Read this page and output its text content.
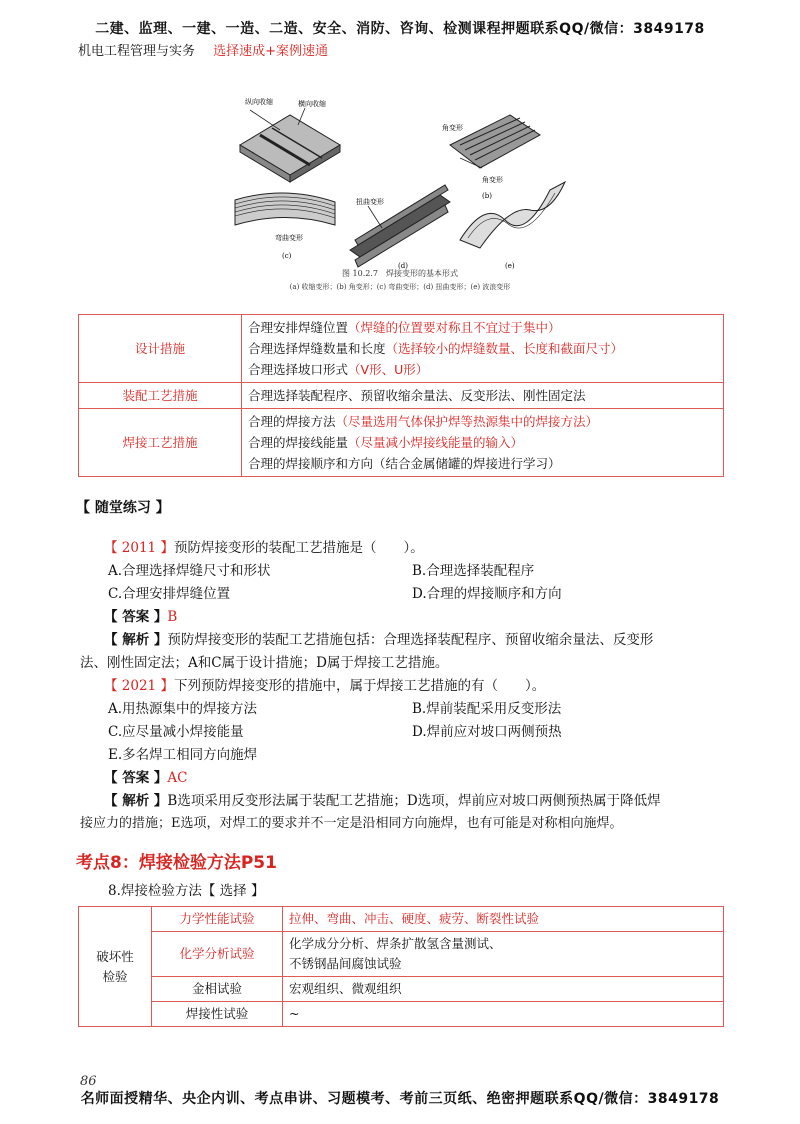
二建、监理、一建、一造、二造、安全、消防、咨询、检测课程押题联系QQ/微信：3849178
机电工程管理与实务 选择速成+案例速通
纵向收缩	横向收缩
角变形
角变形
(b)
弯曲变形
(c)
扭曲变形
(d)	(e)
图 10.2.7　焊接变形的基本形式
(a) 收缩变形；(b) 角变形；(c) 弯曲变形；(d) 扭曲变形；(e) 波浪变形
设计措施	合理安排焊缝位置（焊缝的位置要对称且不宜过于集中）
合理选择焊缝数量和长度（选择较小的焊缝数量、长度和截面尺寸）
合理选择坡口形式（V形、U形）

装配工艺措施	合理选择装配程序、预留收缩余量法、反变形法、刚性固定法

焊接工艺措施	合理的焊接方法（尽量选用气体保护焊等热源集中的焊接方法）
合理的焊接线能量（尽量减小焊接线能量的输入）
合理的焊接顺序和方向（结合金属储罐的焊接进行学习）
【 随堂练习 】
【 2011 】预防焊接变形的装配工艺措施是（　　）。
A.合理选择焊缝尺寸和形状	B.合理选择装配程序
C.合理安排焊缝位置	D.合理的焊接顺序和方向
【 答案 】B
【 解析 】预防焊接变形的装配工艺措施包括：合理选择装配程序、预留收缩余量法、反变形
法、刚性固定法；A和C属于设计措施；D属于焊接工艺措施。
【 2021 】下列预防焊接变形的措施中，属于焊接工艺措施的有（　　）。
A.用热源集中的焊接方法	B.焊前装配采用反变形法
C.应尽量减小焊接能量	D.焊前应对坡口两侧预热
E.多名焊工相同方向施焊
【 答案 】AC
【 解析 】B选项采用反变形法属于装配工艺措施；D选项，焊前应对坡口两侧预热属于降低焊
接应力的措施；E选项，对焊工的要求并不一定是沿相同方向施焊，也有可能是对称相向施焊。
考点8：焊接检验方法P51
8.焊接检验方法【 选择 】
破坏性检验	力学性能试验	拉伸、弯曲、冲击、硬度、疲劳、断裂性试验
	化学分析试验	化学成分分析、焊条扩散氢含量测试、
不锈钢晶间腐蚀试验

	金相试验	宏观组织、微观组织
	焊接性试验	~
86
名师面授精华、央企内训、考点串讲、习题模考、考前三页纸、绝密押题联系QQ/微信：3849178
